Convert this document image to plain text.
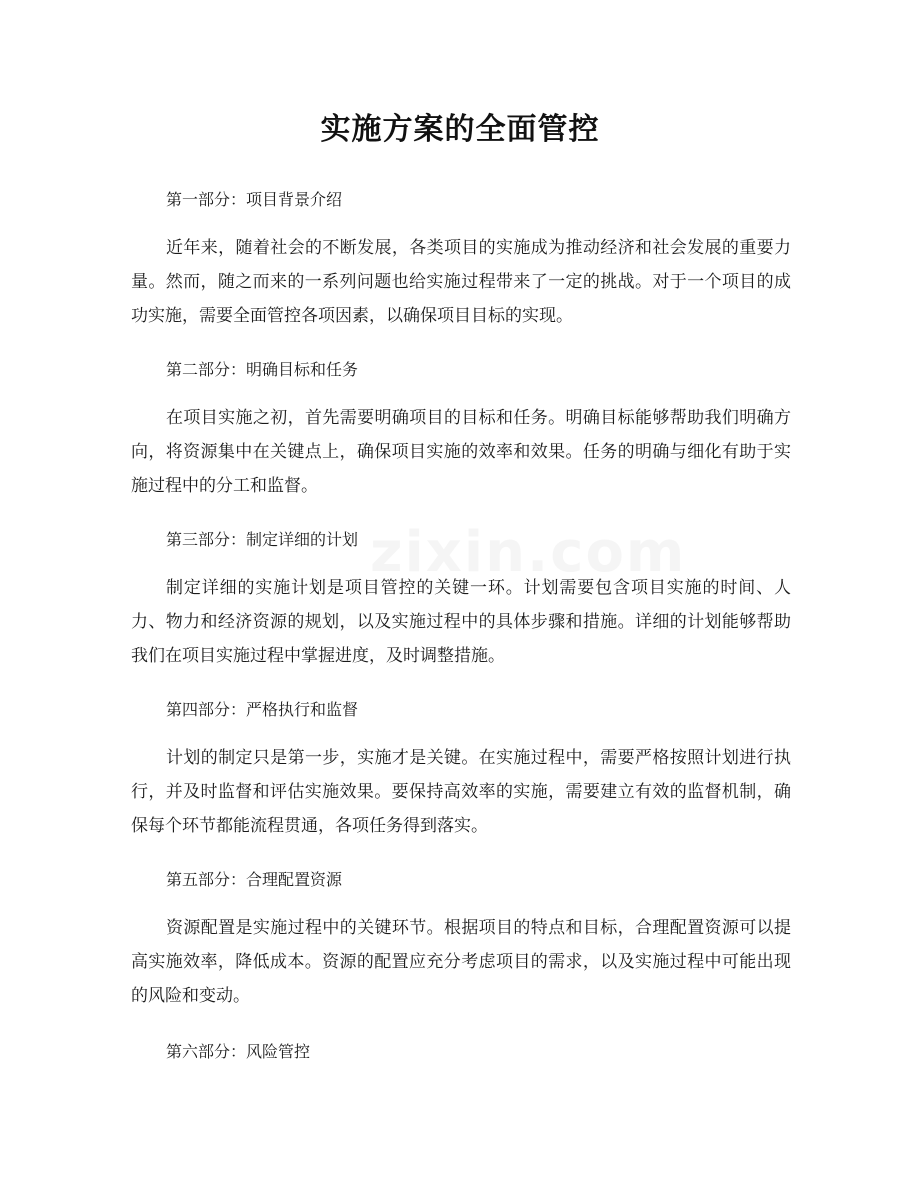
zixin.com
实施方案的全面管控

第一部分：项目背景介绍

近年来，随着社会的不断发展，各类项目的实施成为推动经济和社会发展的重要力量。然而，随之而来的一系列问题也给实施过程带来了一定的挑战。对于一个项目的成功实施，需要全面管控各项因素，以确保项目目标的实现。

第二部分：明确目标和任务

在项目实施之初，首先需要明确项目的目标和任务。明确目标能够帮助我们明确方向，将资源集中在关键点上，确保项目实施的效率和效果。任务的明确与细化有助于实施过程中的分工和监督。

第三部分：制定详细的计划

制定详细的实施计划是项目管控的关键一环。计划需要包含项目实施的时间、人力、物力和经济资源的规划，以及实施过程中的具体步骤和措施。详细的计划能够帮助我们在项目实施过程中掌握进度，及时调整措施。

第四部分：严格执行和监督

计划的制定只是第一步，实施才是关键。在实施过程中，需要严格按照计划进行执行，并及时监督和评估实施效果。要保持高效率的实施，需要建立有效的监督机制，确保每个环节都能流程贯通，各项任务得到落实。

第五部分：合理配置资源

资源配置是实施过程中的关键环节。根据项目的特点和目标，合理配置资源可以提高实施效率，降低成本。资源的配置应充分考虑项目的需求，以及实施过程中可能出现的风险和变动。

第六部分：风险管控
